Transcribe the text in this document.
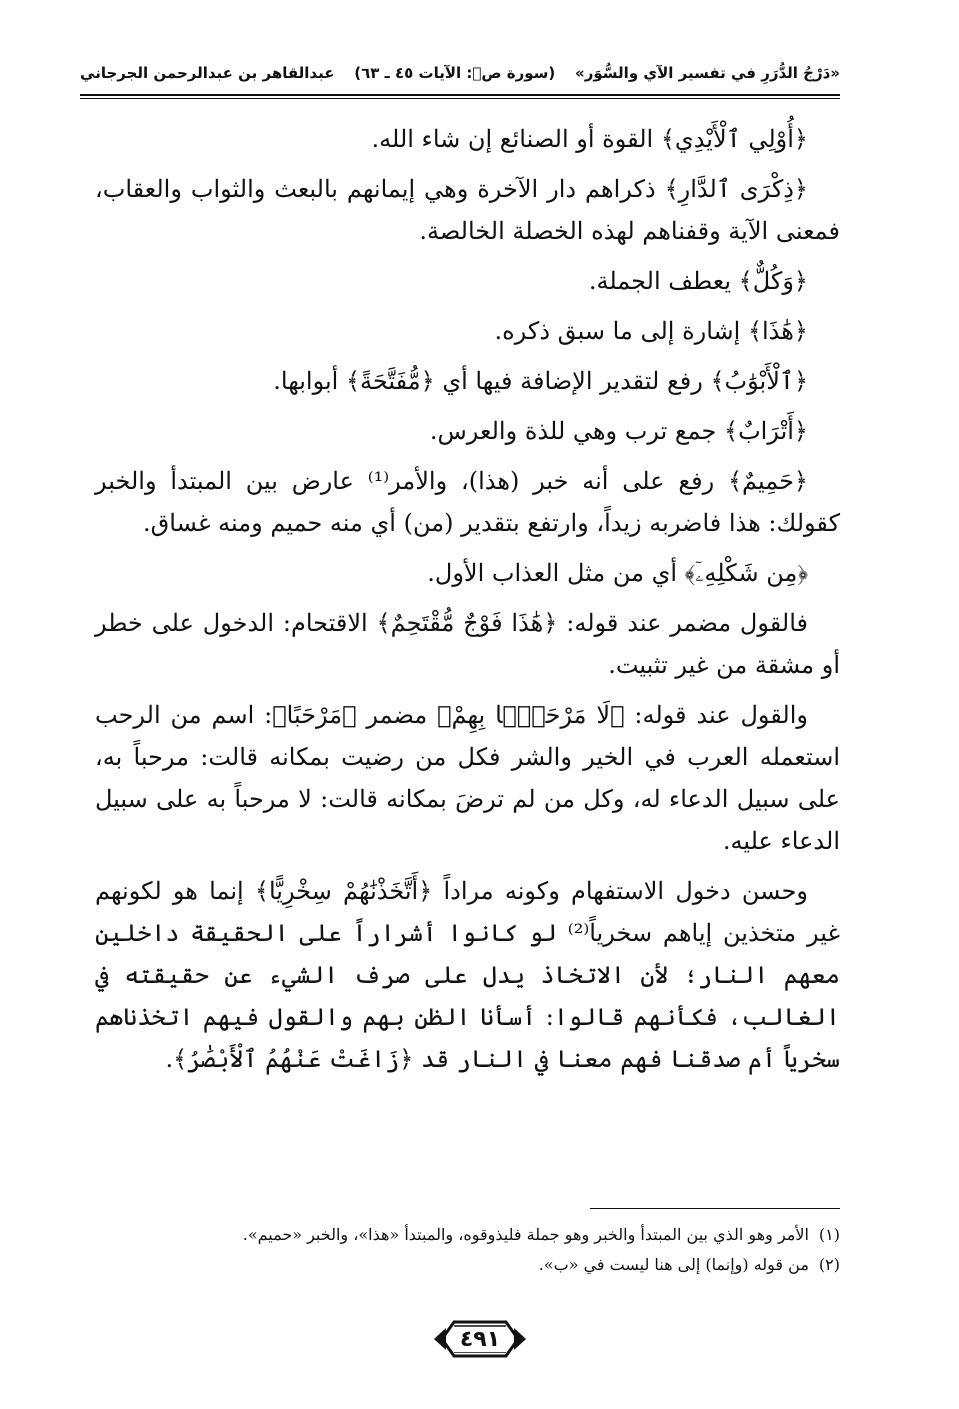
«دَرْجُ الدُّرَرِ في تفسير الآي والسُّوَر»
(سورة صۤ: الآيات ٤٥ ـ ٦٣)
عبدالقاهر بن عبدالرحمن الجرجاني

﴿أُوْلِي ٱلْأَيْدِي﴾ القوة أو الصنائع إن شاء الله.

﴿ذِكْرَى ٱلدَّارِ﴾ ذكراهم دار الآخرة وهي إيمانهم بالبعث والثواب والعقاب، فمعنى الآية وقفناهم لهذه الخصلة الخالصة.

﴿وَكُلٌّ﴾ يعطف الجملة.

﴿هَٰذَا﴾ إشارة إلى ما سبق ذكره.

﴿ٱلْأَبْوَٰبُ﴾ رفع لتقدير الإضافة فيها أي ﴿مُّفَتَّحَةً﴾ أبوابها.

﴿أَتْرَابٌ﴾ جمع ترب وهي للذة والعرس.

﴿حَمِيمٌ﴾ رفع على أنه خبر (هذا)، والأمر⁽¹⁾ عارض بين المبتدأ والخبر كقولك: هذا فاضربه زيداً، وارتفع بتقدير (من) أي منه حميم ومنه غساق.

﴿مِن شَكْلِهِۦٓ﴾ أي من مثل العذاب الأول.

فالقول مضمر عند قوله: ﴿هَٰذَا فَوْجٌ مُّقْتَحِمٌ﴾ الاقتحام: الدخول على خطر أو مشقة من غير تثبيت.

والقول عند قوله: ﴿لَا مَرْحَبًۢا بِهِمْ﴾ مضمر ﴿مَرْحَبًا﴾: اسم من الرحب استعمله العرب في الخير والشر فكل من رضيت بمكانه قالت: مرحباً به، على سبيل الدعاء له، وكل من لم ترضَ بمكانه قالت: لا مرحباً به على سبيل الدعاء عليه.

وحسن دخول الاستفهام وكونه مراداً ﴿أَتَّخَذْنَٰهُمْ سِخْرِيًّا﴾ إنما هو لكونهم غير متخذين إياهم سخرياً⁽²⁾ لو كانوا أشراراً على الحقيقة داخلين معهم النار؛ لأن الاتخاذ يدل على صرف الشيء عن حقيقته في الغالب، فكأنهم قالوا: أسأنا الظن بهم والقول فيهم اتخذناهم سخرياً أم صدقنا فهم معنا في النار قد ﴿زَاغَتْ عَنْهُمُ ٱلْأَبْصَٰرُ﴾.

(١)
الأمر وهو الذي بين المبتدأ والخبر وهو جملة فليذوقوه، والمبتدأ «هذا»، والخبر «حميم».

(٢)
من قوله (وإنما) إلى هنا ليست في «ب».

٤٩١
